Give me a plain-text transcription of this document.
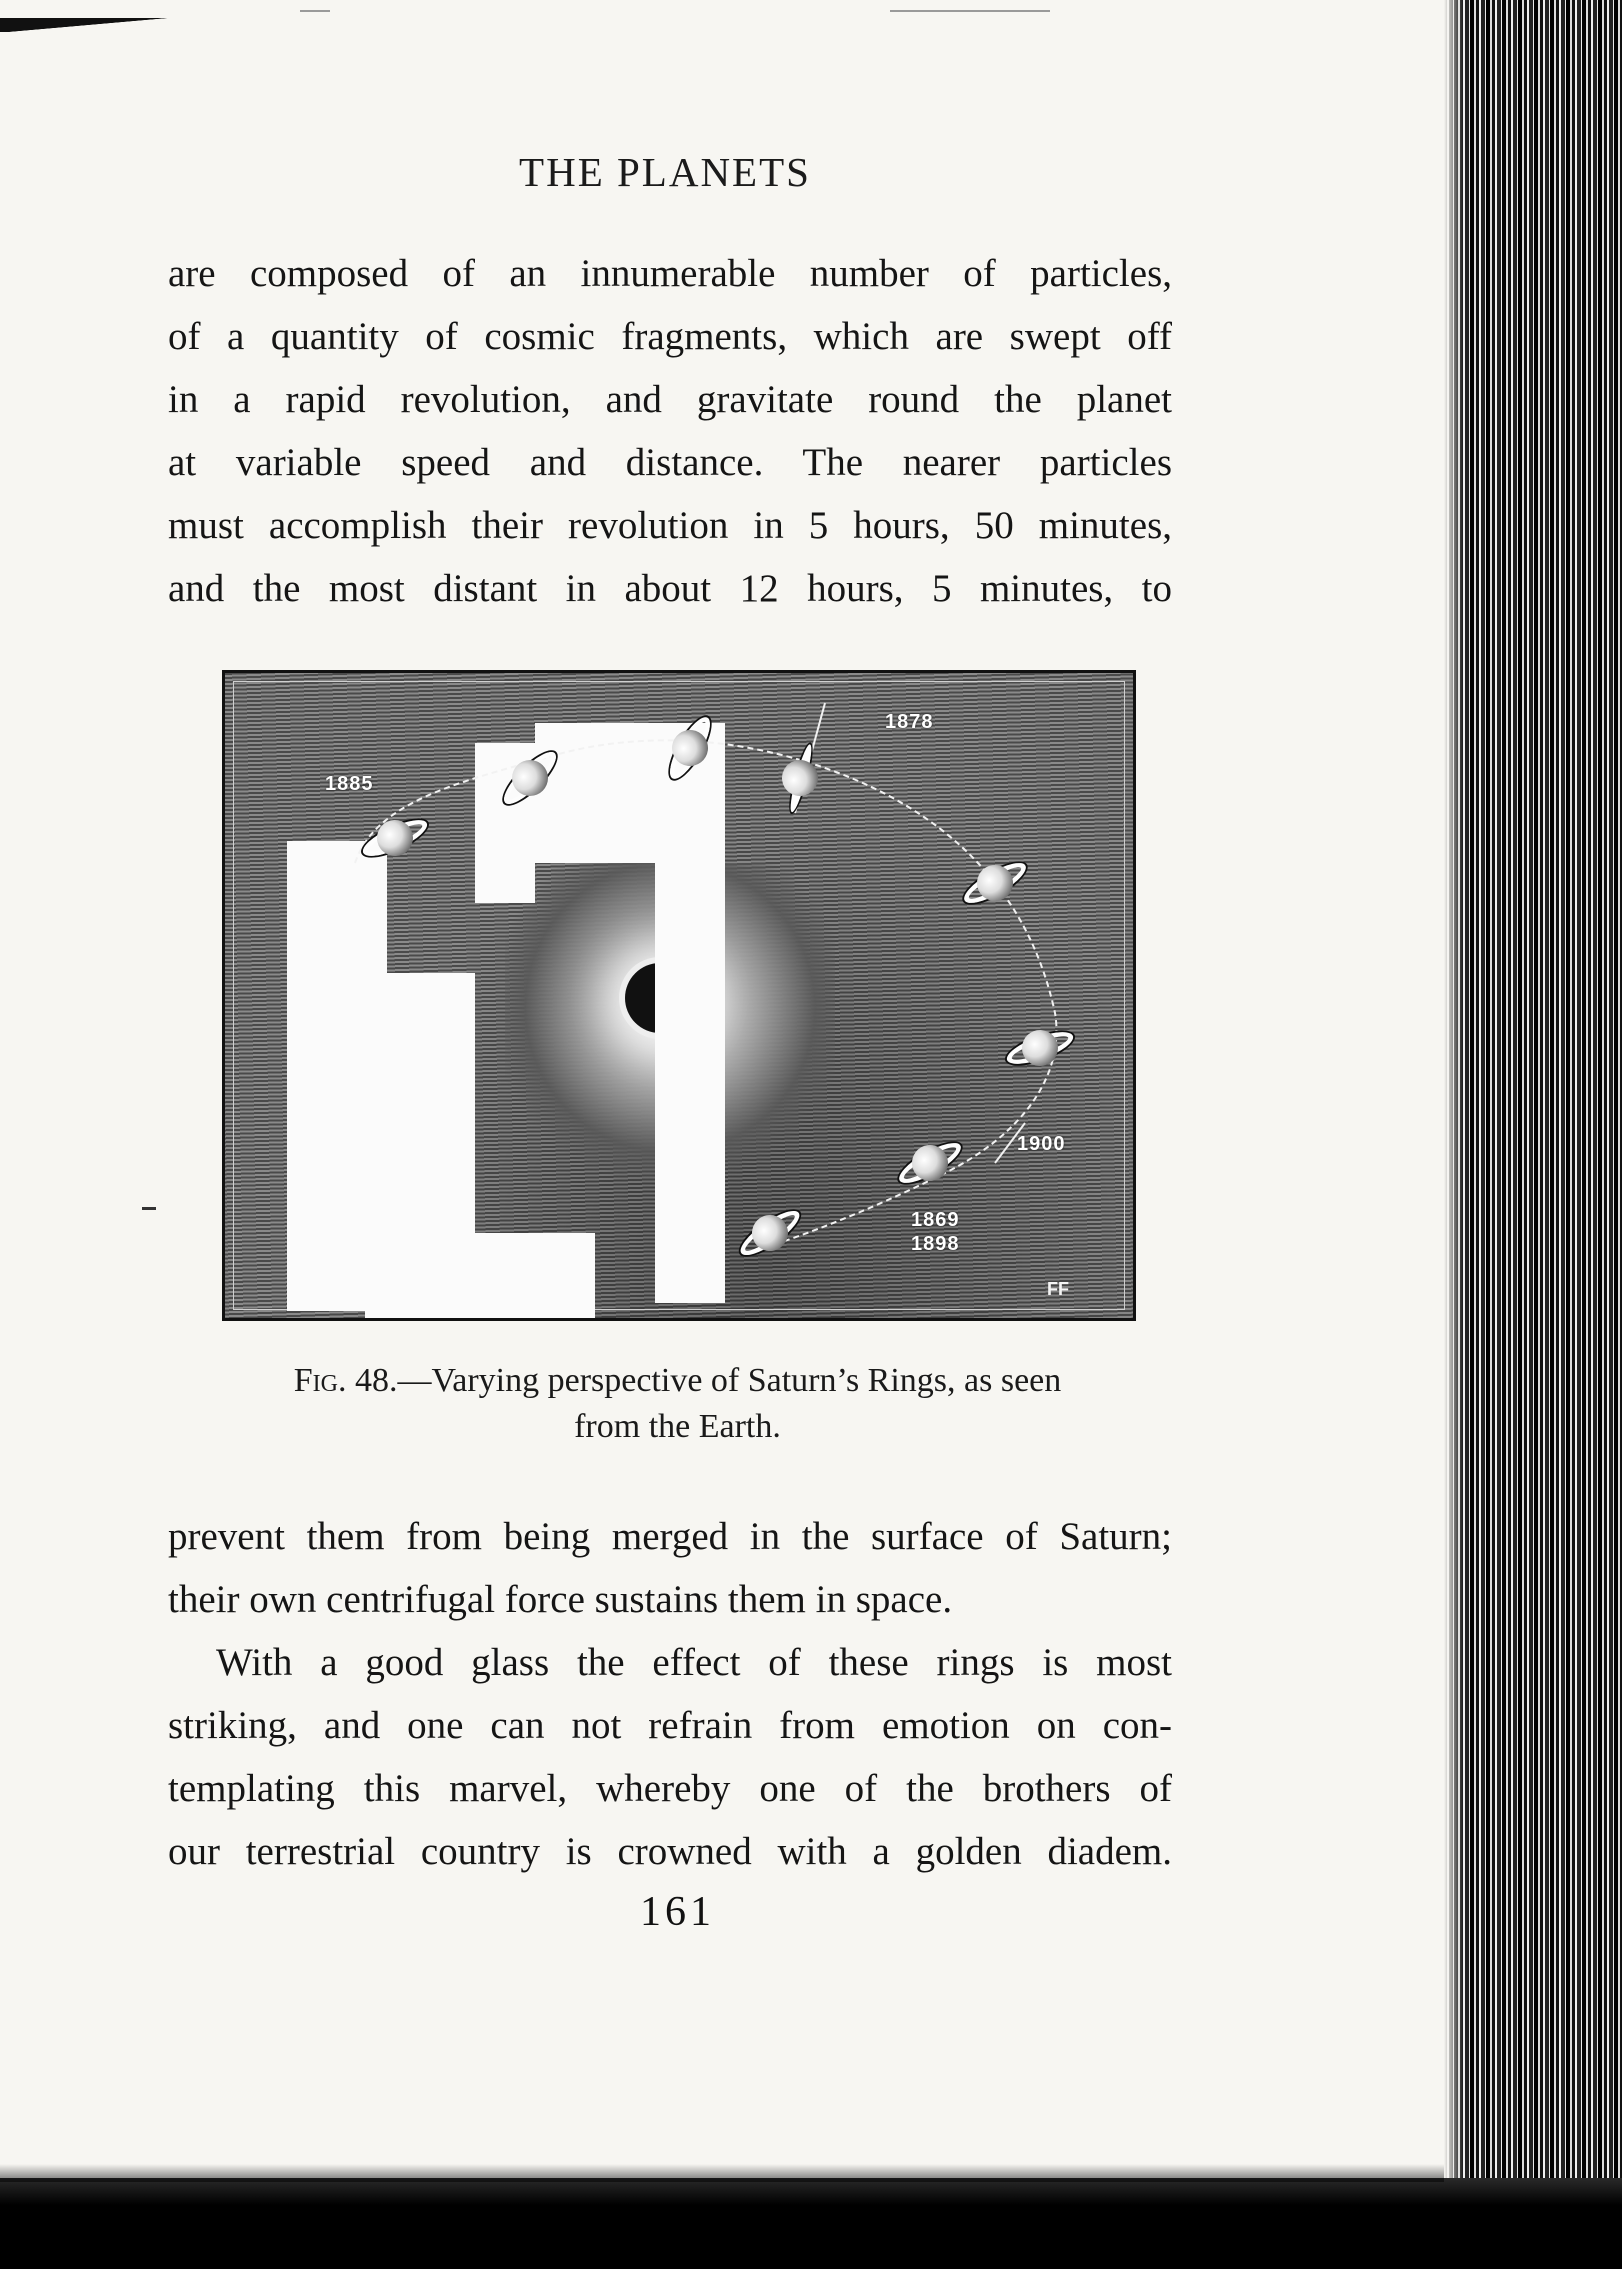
THE PLANETS
are composed of an innumerable number of particles,
of a quantity of cosmic fragments, which are swept off
in a rapid revolution, and gravitate round the planet
at variable speed and distance. The nearer particles
must accomplish their revolution in 5 hours, 50 minutes,
and the most distant in about 12 hours, 5 minutes, to
1885
1878
1900
1869
1898
FF
Fig. 48.—Varying perspective of Saturn’s Rings, as seen
from the Earth.
prevent them from being merged in the surface of Saturn;
their own centrifugal force sustains them in space.
With a good glass the effect of these rings is most
striking, and one can not refrain from emotion on con-
templating this marvel, whereby one of the brothers of
our terrestrial country is crowned with a golden diadem.
161
